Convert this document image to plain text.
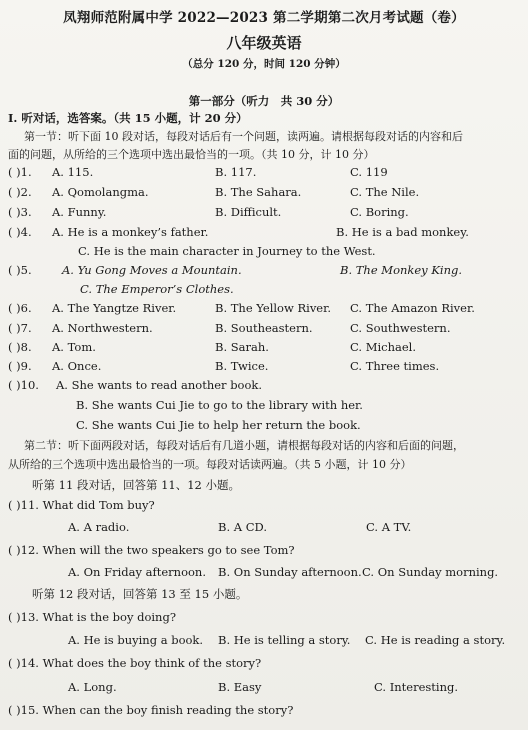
凤翔师范附属中学 2022—2023 第二学期第二次月考试题（卷）
八年级英语
（总分 120 分，时间 120 分钟）
第一部分（听力　共 30 分）
I. 听对话，选答案。（共 15 小题，计 20 分）
第一节：听下面 10 段对话，每段对话后有一个问题，读两遍。请根据每段对话的内容和后
面的问题，从所给的三个选项中选出最恰当的一项。（共 10 分，计 10 分）
( )1. A. 115.	B. 117.	C. 119
( )2. A. Qomolangma.	B. The Sahara.	C. The Nile.
( )3. A. Funny.	B. Difficult.	C. Boring.
( )4. A. He is a monkey’s father.	B. He is a bad monkey.
C. He is the main character in Journey to the West.
( )5.	A. Yu Gong Moves a Mountain.	B. The Monkey King.
C. The Emperor’s Clothes.
( )6. A. The Yangtze River.	B. The Yellow River. C. The Amazon River.
( )7. A. Northwestern.	B. Southeastern.	C. Southwestern.
( )8. A. Tom.	B. Sarah.	C. Michael.
( )9. A. Once.	B. Twice.	C. Three times.
( )10. A. She wants to read another book.
B. She wants Cui Jie to go to the library with her.
C. She wants Cui Jie to help her return the book.
第二节：听下面两段对话，每段对话后有几道小题，请根据每段对话的内容和后面的问题，
从所给的三个选项中选出最恰当的一项。每段对话读两遍。（共 5 小题，计 10 分）
听第 11 段对话，回答第 11、12 小题。
( )11. What did Tom buy?
A. A radio.	B. A CD.	C. A TV.
( )12. When will the two speakers go to see Tom?
A. On Friday afternoon. B. On Sunday afternoon. C. On Sunday morning.
听第 12 段对话，回答第 13 至 15 小题。
( )13. What is the boy doing?
A. He is buying a book. B. He is telling a story. C. He is reading a story.
( )14. What does the boy think of the story?
A. Long.	B. Easy	C. Interesting.
( )15. When can the boy finish reading the story?
